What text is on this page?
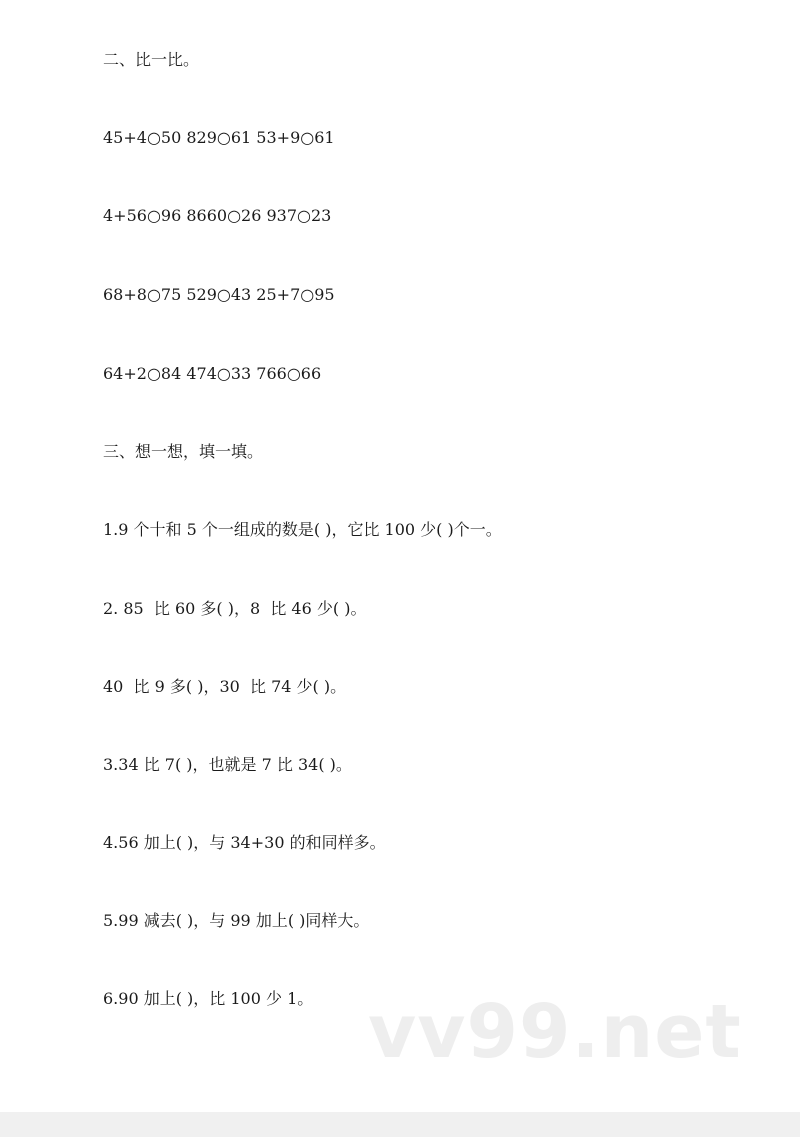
二、比一比。
45+4○50 829○61 53+9○61
4+56○96 8660○26 937○23
68+8○75 529○43 25+7○95
64+2○84 474○33 766○66
三、想一想，填一填。
1.9 个十和 5 个一组成的数是( )，它比 100 少( )个一。
2. 85  比 60 多( )，8  比 46 少( )。
40  比 9 多( )，30  比 74 少( )。
3.34 比 7( )，也就是 7 比 34( )。
4.56 加上( )，与 34+30 的和同样多。
5.99 减去( )，与 99 加上( )同样大。
6.90 加上( )，比 100 少 1。 vv99.net
